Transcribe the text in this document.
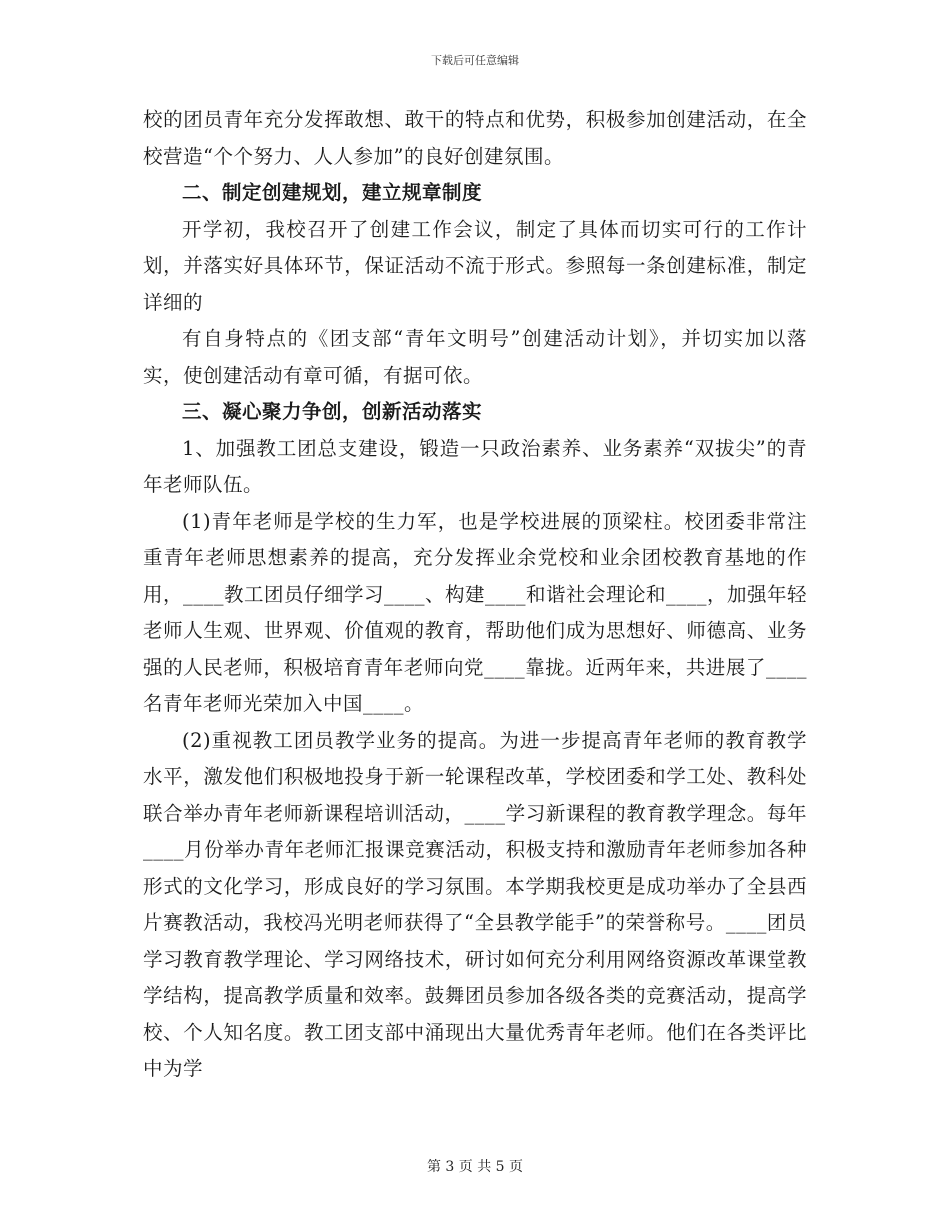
下载后可任意编辑

校的团员青年充分发挥敢想、敢干的特点和优势，积极参加创建活动，在全校营造“个个努力、人人参加”的良好创建氛围。

二、制定创建规划，建立规章制度

开学初，我校召开了创建工作会议，制定了具体而切实可行的工作计划，并落实好具体环节，保证活动不流于形式。参照每一条创建标准，制定详细的

有自身特点的《团支部“青年文明号”创建活动计划》，并切实加以落实，使创建活动有章可循，有据可依。

三、凝心聚力争创，创新活动落实

1、加强教工团总支建设，锻造一只政治素养、业务素养“双拔尖”的青年老师队伍。

(1)青年老师是学校的生力军，也是学校进展的顶梁柱。校团委非常注重青年老师思想素养的提高，充分发挥业余党校和业余团校教育基地的作用，____教工团员仔细学习____、构建____和谐社会理论和____，加强年轻老师人生观、世界观、价值观的教育，帮助他们成为思想好、师德高、业务强的人民老师，积极培育青年老师向党____靠拢。近两年来，共进展了____名青年老师光荣加入中国____。

(2)重视教工团员教学业务的提高。为进一步提高青年老师的教育教学水平，激发他们积极地投身于新一轮课程改革，学校团委和学工处、教科处联合举办青年老师新课程培训活动，____学习新课程的教育教学理念。每年____月份举办青年老师汇报课竞赛活动，积极支持和激励青年老师参加各种形式的文化学习，形成良好的学习氛围。本学期我校更是成功举办了全县西片赛教活动，我校冯光明老师获得了“全县教学能手”的荣誉称号。____团员学习教育教学理论、学习网络技术，研讨如何充分利用网络资源改革课堂教学结构，提高教学质量和效率。鼓舞团员参加各级各类的竞赛活动，提高学校、个人知名度。教工团支部中涌现出大量优秀青年老师。他们在各类评比中为学

第 3 页 共 5 页
